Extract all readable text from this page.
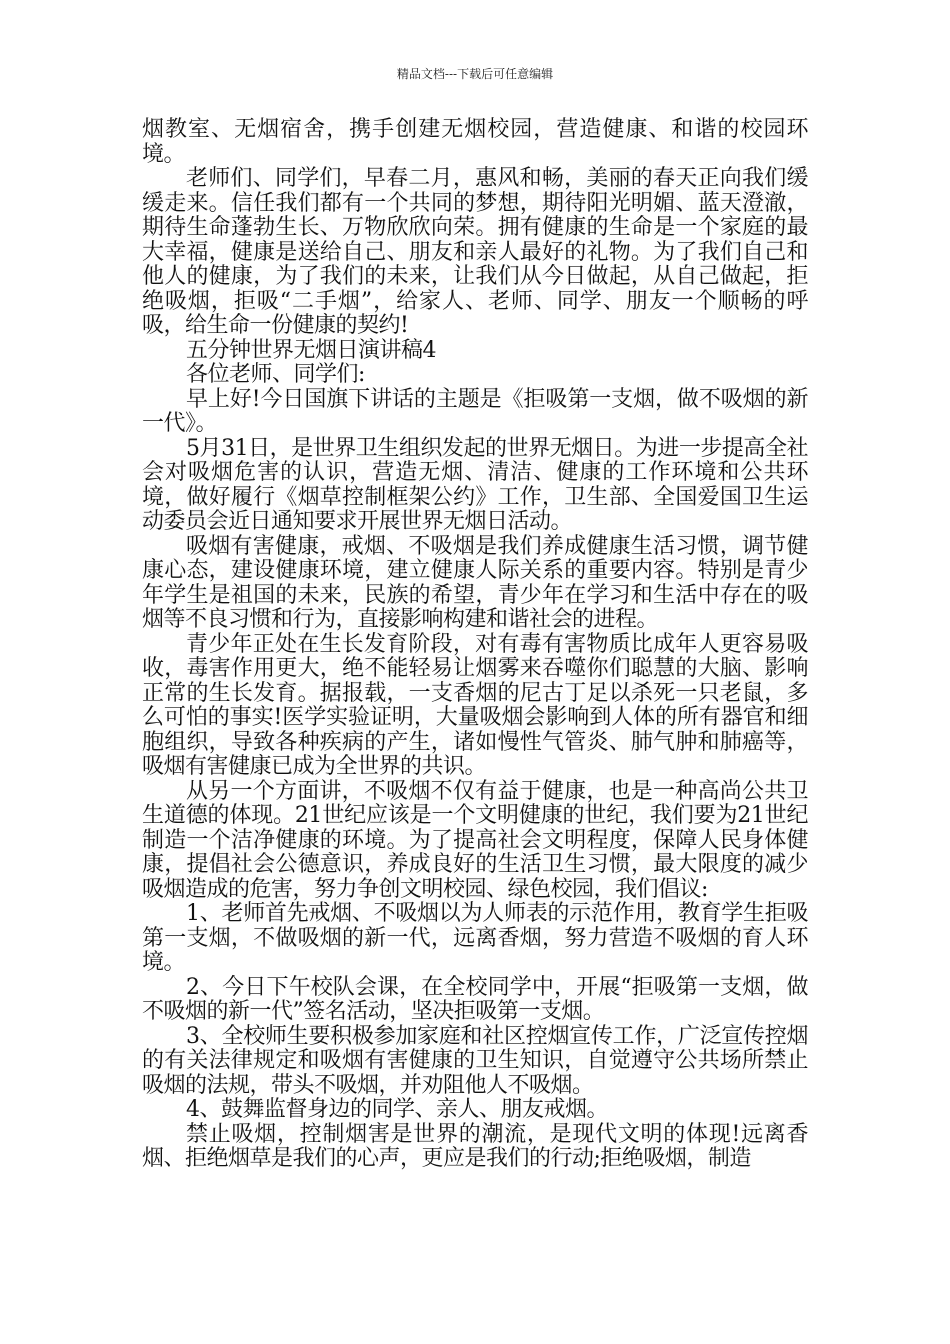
精品文档---下载后可任意编辑

烟教室、无烟宿舍，携手创建无烟校园，营造健康、和谐的校园环境。

老师们、同学们，早春二月，惠风和畅，美丽的春天正向我们缓缓走来。信任我们都有一个共同的梦想，期待阳光明媚、蓝天澄澈，期待生命蓬勃生长、万物欣欣向荣。拥有健康的生命是一个家庭的最大幸福，健康是送给自己、朋友和亲人最好的礼物。为了我们自己和他人的健康，为了我们的未来，让我们从今日做起，从自己做起，拒绝吸烟，拒吸“二手烟”，给家人、老师、同学、朋友一个顺畅的呼吸，给生命一份健康的契约!

五分钟世界无烟日演讲稿4

各位老师、同学们:

早上好!今日国旗下讲话的主题是《拒吸第一支烟，做不吸烟的新一代》。

5月31日，是世界卫生组织发起的世界无烟日。为进一步提高全社会对吸烟危害的认识，营造无烟、清洁、健康的工作环境和公共环境，做好履行《烟草控制框架公约》工作，卫生部、全国爱国卫生运动委员会近日通知要求开展世界无烟日活动。

吸烟有害健康，戒烟、不吸烟是我们养成健康生活习惯，调节健康心态，建设健康环境，建立健康人际关系的重要内容。特别是青少年学生是祖国的未来，民族的希望，青少年在学习和生活中存在的吸烟等不良习惯和行为，直接影响构建和谐社会的进程。

青少年正处在生长发育阶段，对有毒有害物质比成年人更容易吸收，毒害作用更大，绝不能轻易让烟雾来吞噬你们聪慧的大脑、影响正常的生长发育。据报载，一支香烟的尼古丁足以杀死一只老鼠，多么可怕的事实!医学实验证明，大量吸烟会影响到人体的所有器官和细胞组织，导致各种疾病的产生，诸如慢性气管炎、肺气肿和肺癌等，吸烟有害健康已成为全世界的共识。

从另一个方面讲，不吸烟不仅有益于健康，也是一种高尚公共卫生道德的体现。21世纪应该是一个文明健康的世纪，我们要为21世纪制造一个洁净健康的环境。为了提高社会文明程度，保障人民身体健康，提倡社会公德意识，养成良好的生活卫生习惯，最大限度的减少吸烟造成的危害，努力争创文明校园、绿色校园，我们倡议:

1、老师首先戒烟、不吸烟以为人师表的示范作用，教育学生拒吸第一支烟，不做吸烟的新一代，远离香烟，努力营造不吸烟的育人环境。

2、今日下午校队会课，在全校同学中，开展“拒吸第一支烟，做不吸烟的新一代”签名活动，坚决拒吸第一支烟。

3、全校师生要积极参加家庭和社区控烟宣传工作，广泛宣传控烟的有关法律规定和吸烟有害健康的卫生知识，自觉遵守公共场所禁止吸烟的法规，带头不吸烟，并劝阻他人不吸烟。

4、鼓舞监督身边的同学、亲人、朋友戒烟。

禁止吸烟，控制烟害是世界的潮流，是现代文明的体现!远离香烟、拒绝烟草是我们的心声，更应是我们的行动;拒绝吸烟，制造
